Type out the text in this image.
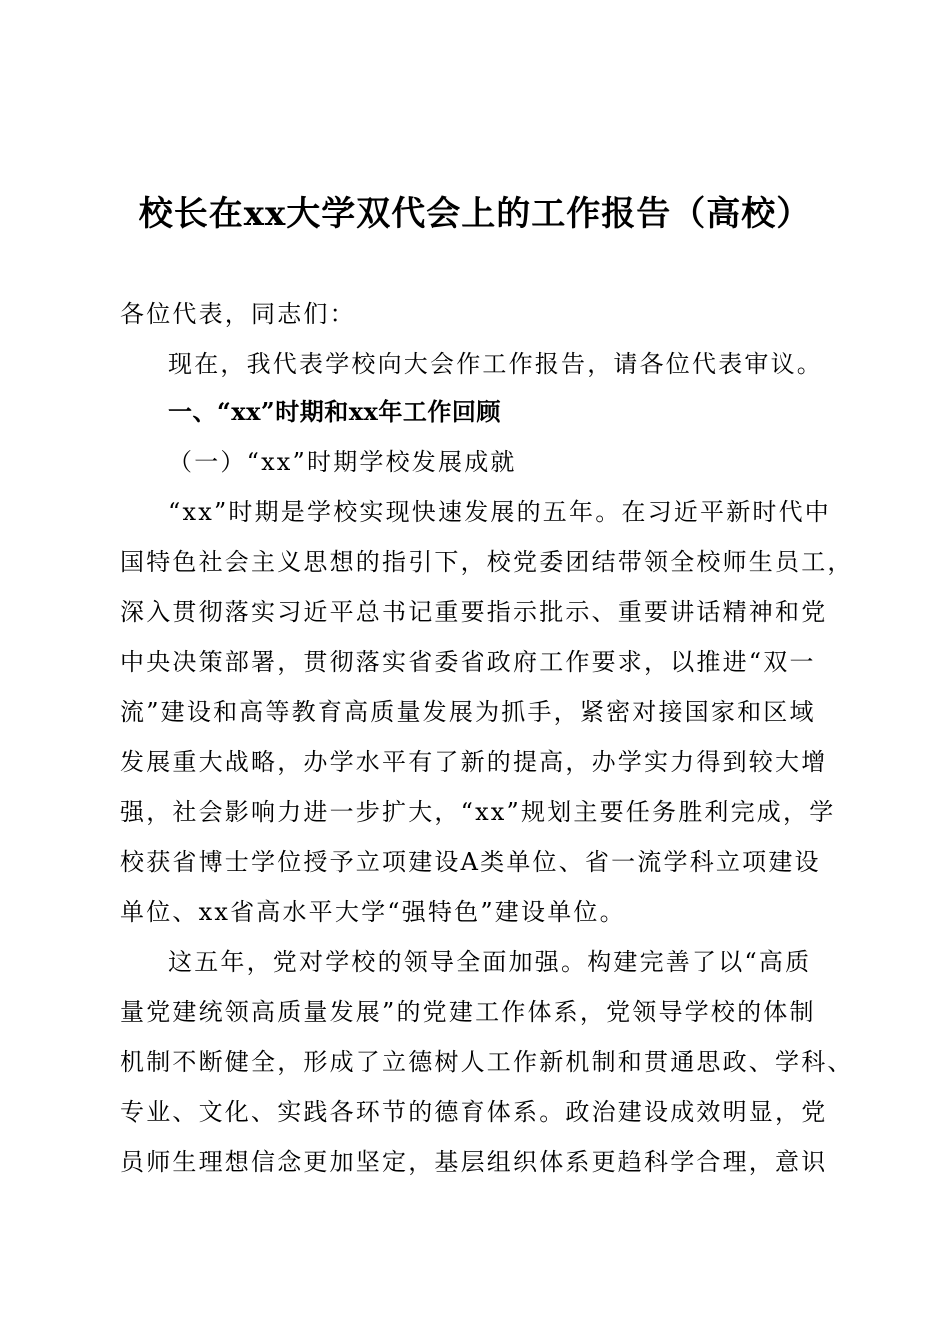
校长在xx大学双代会上的工作报告（高校）
各位代表，同志们：
现在，我代表学校向大会作工作报告，请各位代表审议。
一、“xx”时期和xx年工作回顾
（一）“xx”时期学校发展成就
“xx”时期是学校实现快速发展的五年。在习近平新时代中
国特色社会主义思想的指引下，校党委团结带领全校师生员工，
深入贯彻落实习近平总书记重要指示批示、重要讲话精神和党
中央决策部署，贯彻落实省委省政府工作要求，以推进“双一
流”建设和高等教育高质量发展为抓手，紧密对接国家和区域
发展重大战略，办学水平有了新的提高，办学实力得到较大增
强，社会影响力进一步扩大，“xx”规划主要任务胜利完成，学
校获省博士学位授予立项建设A类单位、省一流学科立项建设
单位、xx省高水平大学“强特色”建设单位。
这五年，党对学校的领导全面加强。构建完善了以“高质
量党建统领高质量发展”的党建工作体系，党领导学校的体制
机制不断健全，形成了立德树人工作新机制和贯通思政、学科、
专业、文化、实践各环节的德育体系。政治建设成效明显，党
员师生理想信念更加坚定，基层组织体系更趋科学合理，意识
